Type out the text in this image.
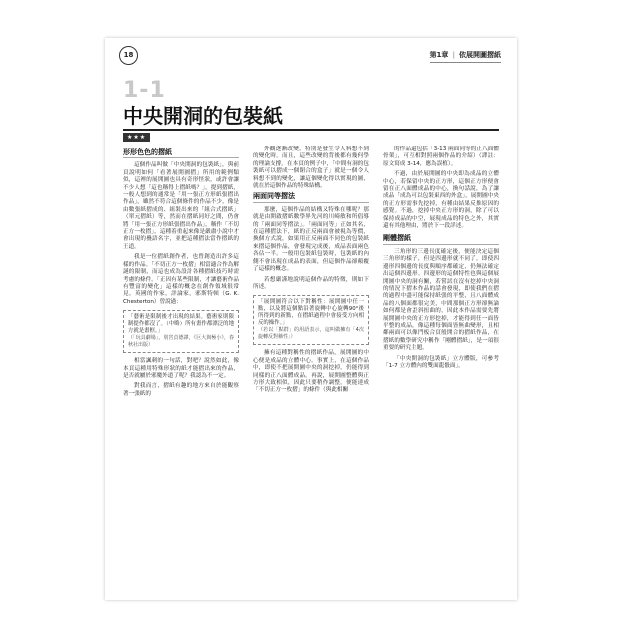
18	第1章 | 依展開圖摺紙
1-1
中央開洞的包裝紙
★★★
形形色色的摺紙

這個作品叫做「中央開洞的包裝紙」，與前頁說明如何「看著展開圖摺」所用的範例類似，這裡的展開圖也具有奇形怪狀，或許會讓不少人想「這也稱得上摺紙嗎？」，提到摺紙，一般人想到的通常是「用一張正方形紙張摺出作品」，雖然不符合這個條件的作品不少，像是由數張紙摺成的、組裝出來的「組合式摺紙」（單元摺紙）等，然而在摺紙同好之間，仍會將「用一張正方形紙張摺出作品」，稱作「不切正方一枚摺」，這種着重起來像是嚴肅小說中才會出現的疊語名字，並把這種摺法當作摺紙的王道。

我是一位摺紙創作者，也曾創造出許多這樣的作品。「不切正方一枚摺」相當適合作為解謎的限制，而這也成為設計各種摺紙技巧時需考慮的條件。「正因有某些限制，才讓藝術作品有豐富的變化」這樣的概念在創作領域很常見。英國的作家，評論家，邪斯特頓（G. K. Chesterton）曾說過：

「藝術是限制後才出現的結果。藝術家則限制提作都沒了。（中略）所有畫作都漂泛的地方就是畫框。」
（「玩具劇場」，別宮貞德譯，《巨大與極小》，春秋社出版）

相當諷刺的一句話，對吧？說然如此，像本頁這種用特殊形狀的紙才能摺出來的作品，是否就屬於邪魔外道了呢？我認為不一定。

對我而言，摺紙有趣的地方來自於能觀察著一張紙的

外觀逐漸改變，特別是發生令人料想不到的變化時。而且，這些改變的背後都有幾何學的理論支撐。在本頁的例子中，「中間有洞的包裝紙可以摺成一個閉合的盒子」就是一個令人料想不到的變化，讓這個變化得以實現的圖，就在於這個作品的特殊結構。

兩面同等摺法

那麼，這個作品的結構又特殊在哪呢？那就是由開啟摺紙數學界先河的川崎敏和所倡導的「兩面同等摺法」。「兩面同等」正如其名，在這種摺法下，紙的正反兩面會被視為等價，換個方式說，如果用正反兩面不同色的包裝紙來摺這個作品，會發現完成後，成品表面兩色各佔一半。一般用包裝紙包裝時，包裝紙的內側不會出現在成品的表面，但這個作品卻顛覆了這樣的概念。

若想嚴謹地說明這個作品的特徵，則如下所述。

「展開圖符合以下對稱性：展開圖中任一點，以及將這個點沿著旋轉中心旋轉90°後所得到的新點，在摺紙過程中會接受方向相反的操作。」
（若以「點群」的用語表示，這叫做擁有「4次旋轉反對稱性」）

擁有這種對稱性的摺紙作品，展開圖的中心便是成品的立體中心。事實上，在這個作品中，即使不把展開圖中央的洞挖掉，仍能得到同樣的正八面體成品。再說，展開圖整體與正方形大致相似，因此只要稍作調整，便能達成「不切正方一枚摺」的條件（與此相關

的作品還包括「3-13 兩面同等的正八面體骨架」，可互相對照兩個作品的介紹）（譯註：原文寫成 3-14，應為誤植）。

不過，由於展開圖的中央即為成品的立體中心，若保留中央的正方形，這個正方形便會留在正八面體成品的中心，換句話說，為了讓成品「成為可以包裝東西的外盒」，展開圖中央的正方形需事先挖掉，有種由結果反推原因的感覺。不過，挖掉中央正方形的洞，除了可以保持成品的中空，展現成品的特色之外，其實還有其他理由，將於下一段詳述。

剛體摺紙

三角形的三邊長度確定後，便能決定這個三角形的樣子，但是四邊形就不同了。即使四邊形四個邊的長度與順序都確定，仍無法確定出這個四邊形。四邊形的這個特性也與這個展開圖中央的洞有關，若嘗試在沒有挖掉中央洞的情況下摺本作品的話會發現，即使我們在摺的過程中盡可能保持紙張的平整，且八面體成品的八個面都很完美，中間那個正方形卻無論如何都是會歪斜扭曲的，因此本作品需要先將展開圖中央的正方形挖掉，才能得到任一面皆平整的成品，像這種每個面皆無曲變形，且相鄰兩面可以像門板合頁般開合的摺紙作品，在摺紙的數學研究中稱作「剛體摺紙」，是一項很重要的研究主題。

「中央開洞的包裝紙」立方體版，可參考「1-7 立方體內的雙面龍骰面」。
